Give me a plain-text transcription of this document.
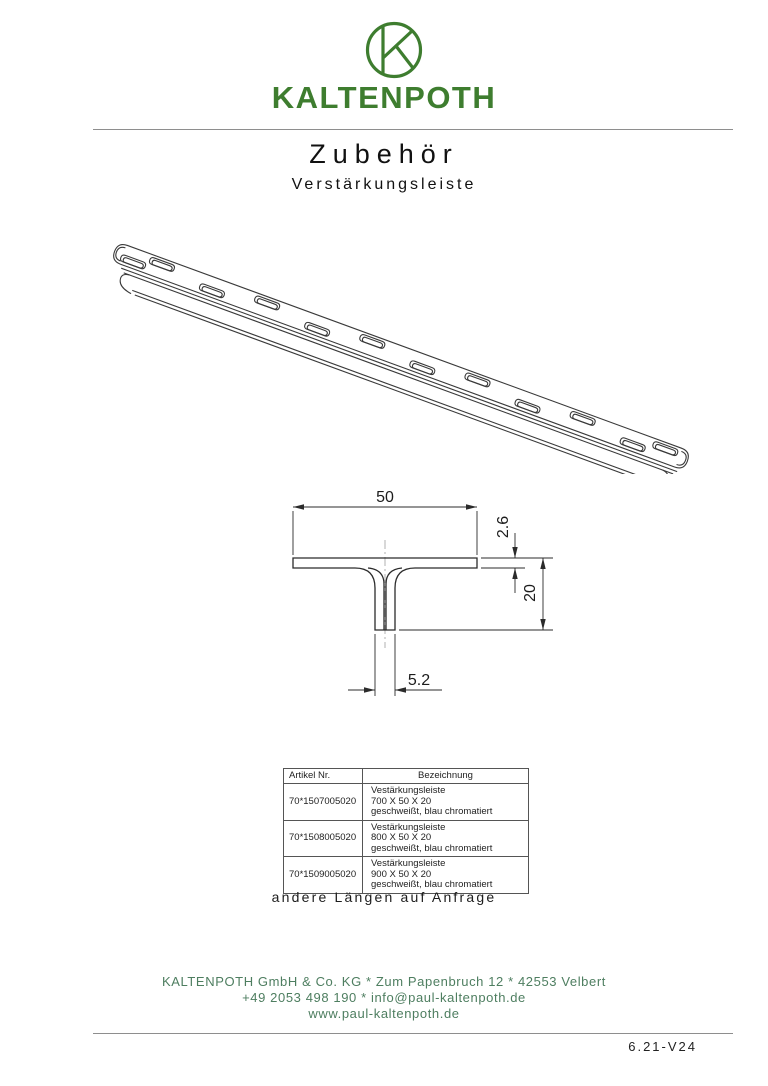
KALTENPOTH
Zubehör
Verstärkungsleiste
50
2.6
20
5.2
Artikel Nr.	Bezeichnung
70*1507005020	Vestärkungsleiste
700 X 50 X 20
geschweißt, blau chromatiert

70*1508005020	Vestärkungsleiste
800 X 50 X 20
geschweißt, blau chromatiert

70*1509005020	Vestärkungsleiste
900 X 50 X 20
geschweißt, blau chromatiert
andere Längen auf Anfrage
KALTENPOTH GmbH & Co. KG * Zum Papenbruch 12 * 42553 Velbert
+49 2053 498 190 * info@paul-kaltenpoth.de
www.paul-kaltenpoth.de
6.21-V24
